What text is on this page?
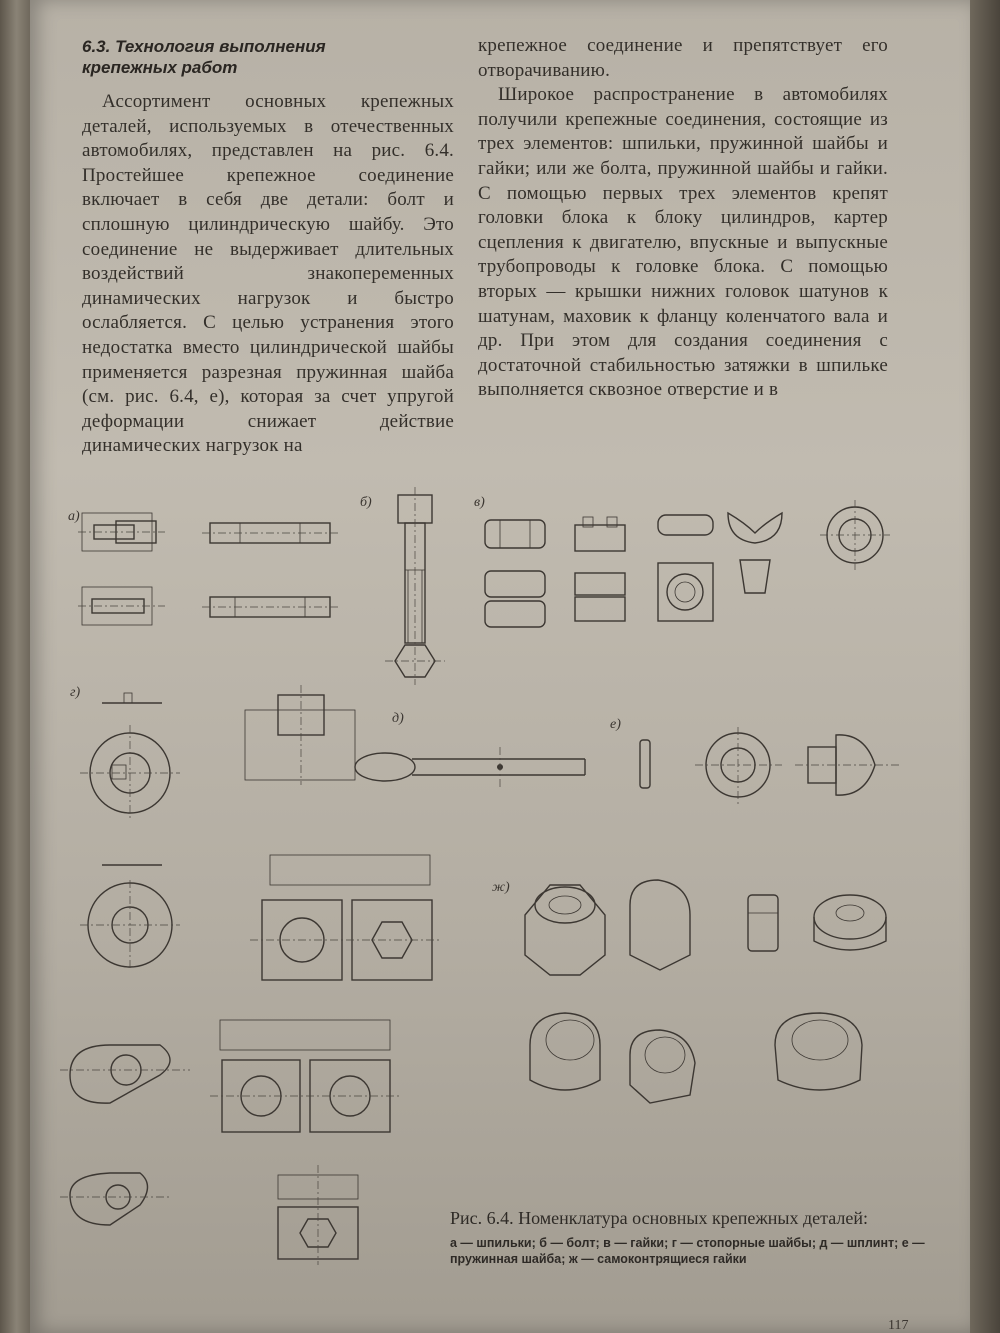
6.3. Технология выполнения
крепежных работ

Ассортимент основных крепежных деталей, используемых в отечественных автомобилях, представлен на рис. 6.4. Простейшее крепежное соединение включает в себя две детали: болт и сплошную цилиндрическую шайбу. Это соединение не выдерживает длительных воздействий знакопеременных динамических нагрузок и быстро ослабляется. С целью устранения этого недостатка вместо цилиндрической шайбы применяется разрезная пружинная шайба (см. рис. 6.4, е), которая за счет упругой деформации снижает действие динамических нагрузок на

крепежное соединение и препятствует его отворачиванию.

Широкое распространение в автомобилях получили крепежные соединения, состоящие из трех элементов: шпильки, пружинной шайбы и гайки; или же болта, пружинной шайбы и гайки. С помощью первых трех элементов крепят головки блока к блоку цилиндров, картер сцепления к двигателю, впускные и выпускные трубопроводы к головке блока. С помощью вторых — крышки нижних головок шатунов к шатунам, маховик к фланцу коленчатого вала и др. При этом для создания соединения с достаточной стабильностью затяжки в шпильке выполняется сквозное отверстие и в

а)
б)	в)
г)
д)	е)
ж)
Рис. 6.4. Номенклатура основных крепежных деталей:
а — шпильки; б — болт; в — гайки; г — стопорные шайбы; д — шплинт; е — пружинная шайба; ж — самоконтрящиеся гайки
117
